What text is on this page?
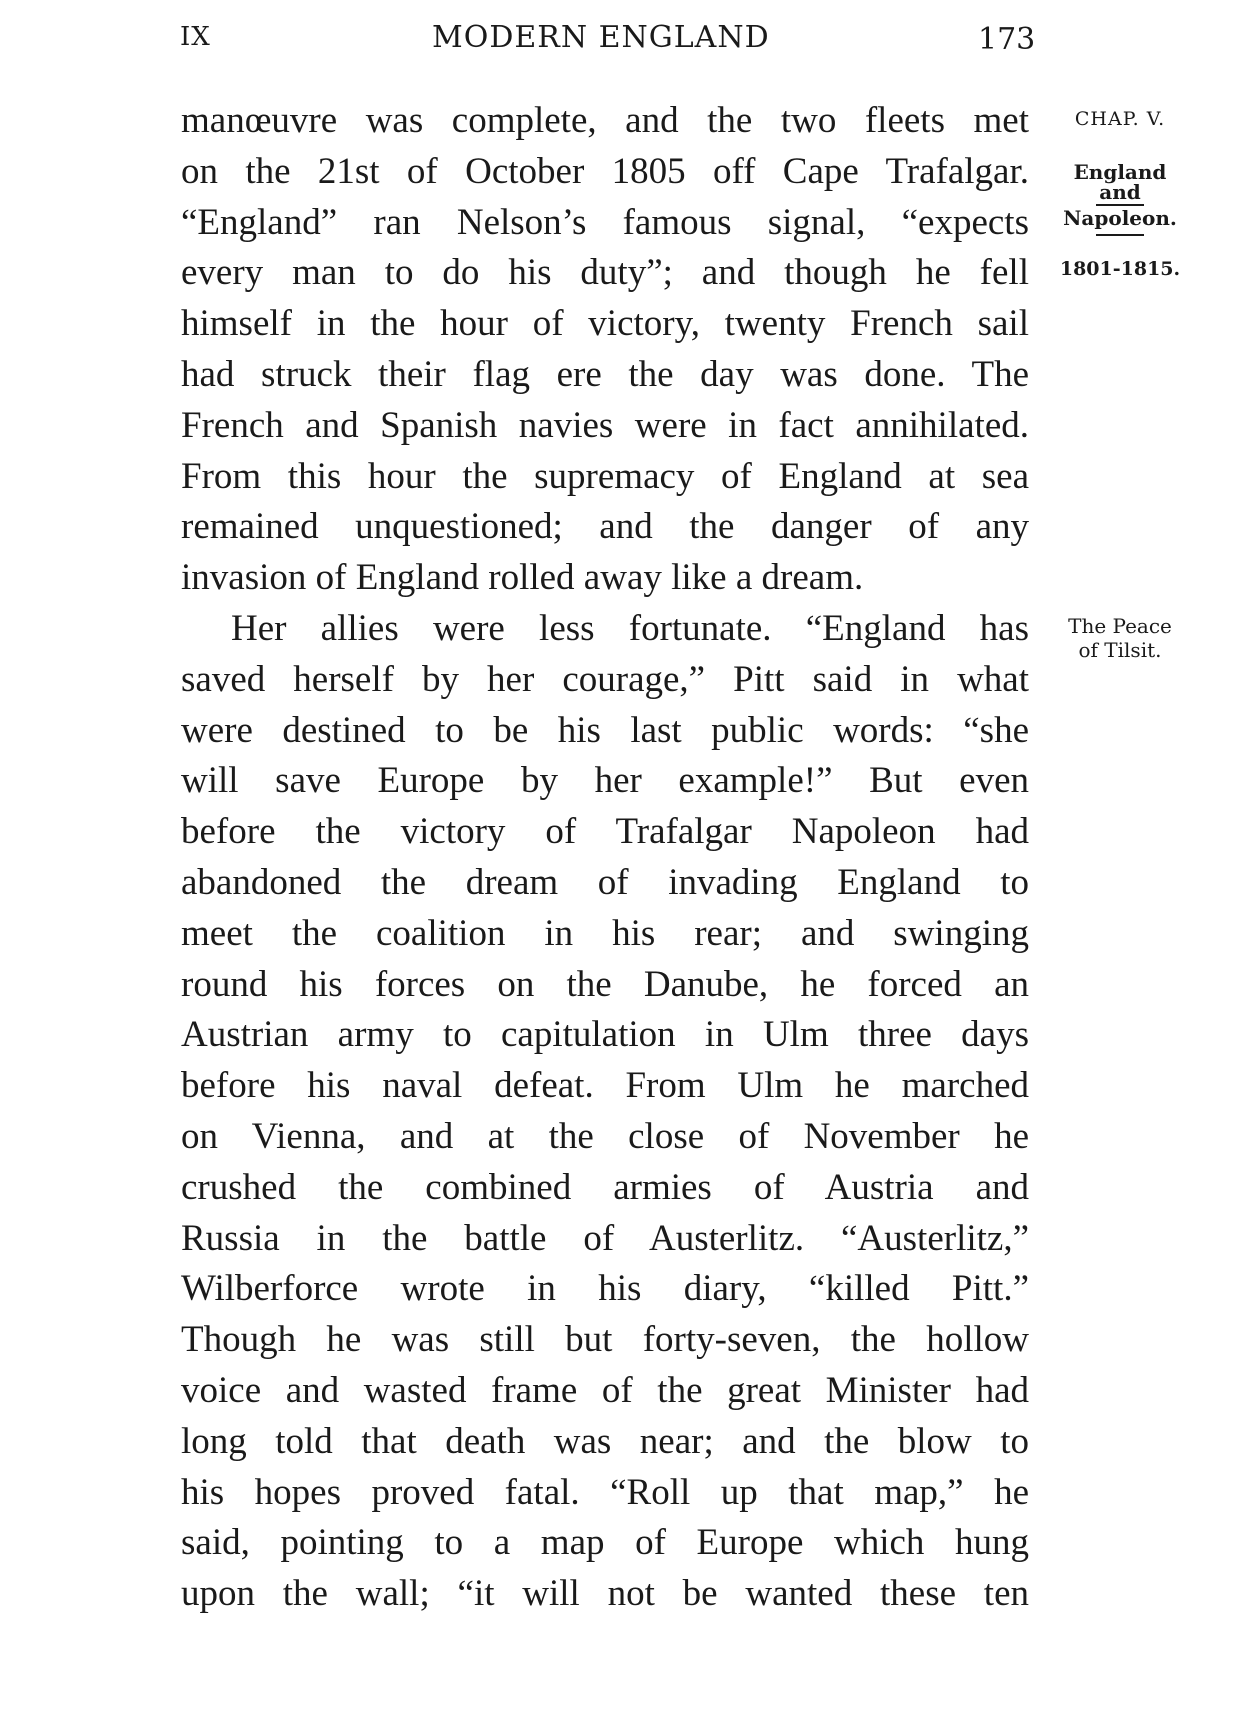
IX	MODERN ENGLAND	173
manœuvre was complete, and the two fleets met
on the 21st of October 1805 off Cape Trafalgar.
“England” ran Nelson’s famous signal, “expects
every man to do his duty”; and though he fell
himself in the hour of victory, twenty French sail
had struck their flag ere the day was done. The
French and Spanish navies were in fact annihilated.
From this hour the supremacy of England at sea
remained unquestioned; and the danger of any
invasion of England rolled away like a dream.
Her allies were less fortunate. “England has
saved herself by her courage,” Pitt said in what
were destined to be his last public words: “she
will save Europe by her example!” But even
before the victory of Trafalgar Napoleon had
abandoned the dream of invading England to
meet the coalition in his rear; and swinging
round his forces on the Danube, he forced an
Austrian army to capitulation in Ulm three days
before his naval defeat. From Ulm he marched
on Vienna, and at the close of November he
crushed the combined armies of Austria and
Russia in the battle of Austerlitz. “Austerlitz,”
Wilberforce wrote in his diary, “killed Pitt.”
Though he was still but forty-seven, the hollow
voice and wasted frame of the great Minister had
long told that death was near; and the blow to
his hopes proved fatal. “Roll up that map,” he
said, pointing to a map of Europe which hung
upon the wall; “it will not be wanted these ten
CHAP. V.
England
and
Napoleon.
1801-1815.
The Peace
of Tilsit.
